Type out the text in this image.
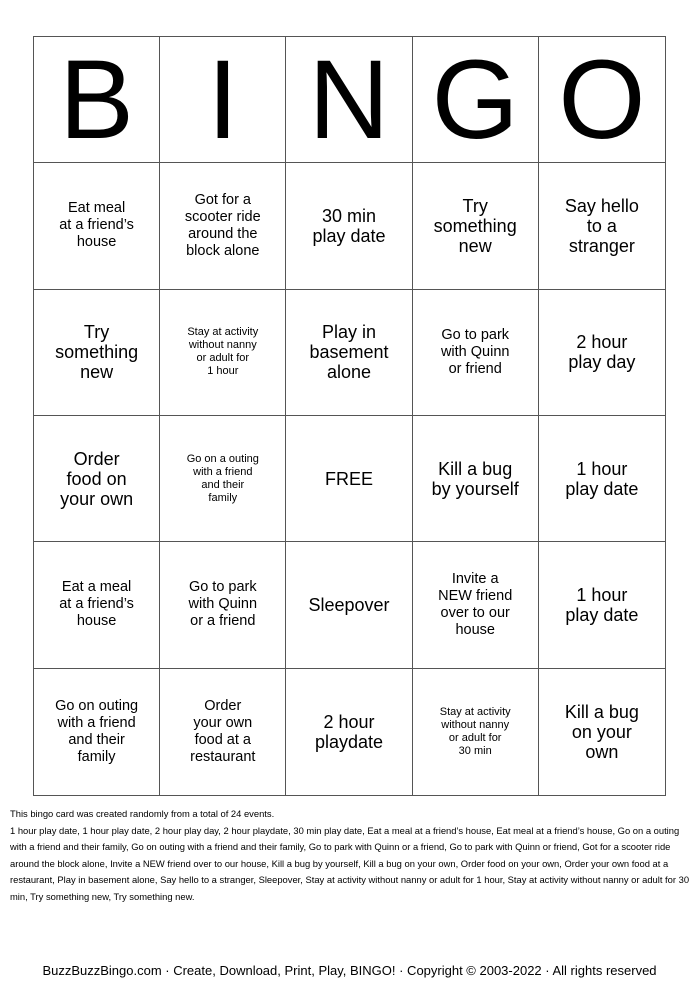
B I N G O
Eat meal
at a friend’s
house
Got for a
scooter ride
around the
block alone
30 min
play date
Try
something
new
Say hello
to a
stranger
Try
something
new
Stay at activity
without nanny
or adult for
1 hour
Play in
basement
alone
Go to park
with Quinn
or friend
2 hour
play day
Order
food on
your own
Go on a outing
with a friend
and their
family
FREE	Kill a bug
by yourself
1 hour
play date
Eat a meal
at a friend’s
house
Go to park
with Quinn
or a friend
Sleepover
Invite a
NEW friend
over to our
house
1 hour
play date
Go on outing
with a friend
and their
family
Order
your own
food at a
restaurant
2 hour
playdate
Stay at activity
without nanny
or adult for
30 min
Kill a bug
on your
own
This bingo card was created randomly from a total of 24 events.
1 hour play date, 1 hour play date, 2 hour play day, 2 hour playdate, 30 min play date, Eat a meal at a friend’s house, Eat meal at a friend’s house, Go on a outing with a friend and their family, Go on outing with a friend and their family, Go to park with Quinn or a friend, Go to park with Quinn or friend, Got for a scooter ride around the block alone, Invite a NEW friend over to our house, Kill a bug by yourself, Kill a bug on your own, Order food on your own, Order your own food at a restaurant, Play in basement alone, Say hello to a stranger, Sleepover, Stay at activity without nanny or adult for 1 hour, Stay at activity without nanny or adult for 30 min, Try something new, Try something new.
BuzzBuzzBingo.com · Create, Download, Print, Play, BINGO! · Copyright © 2003-2022 · All rights reserved
